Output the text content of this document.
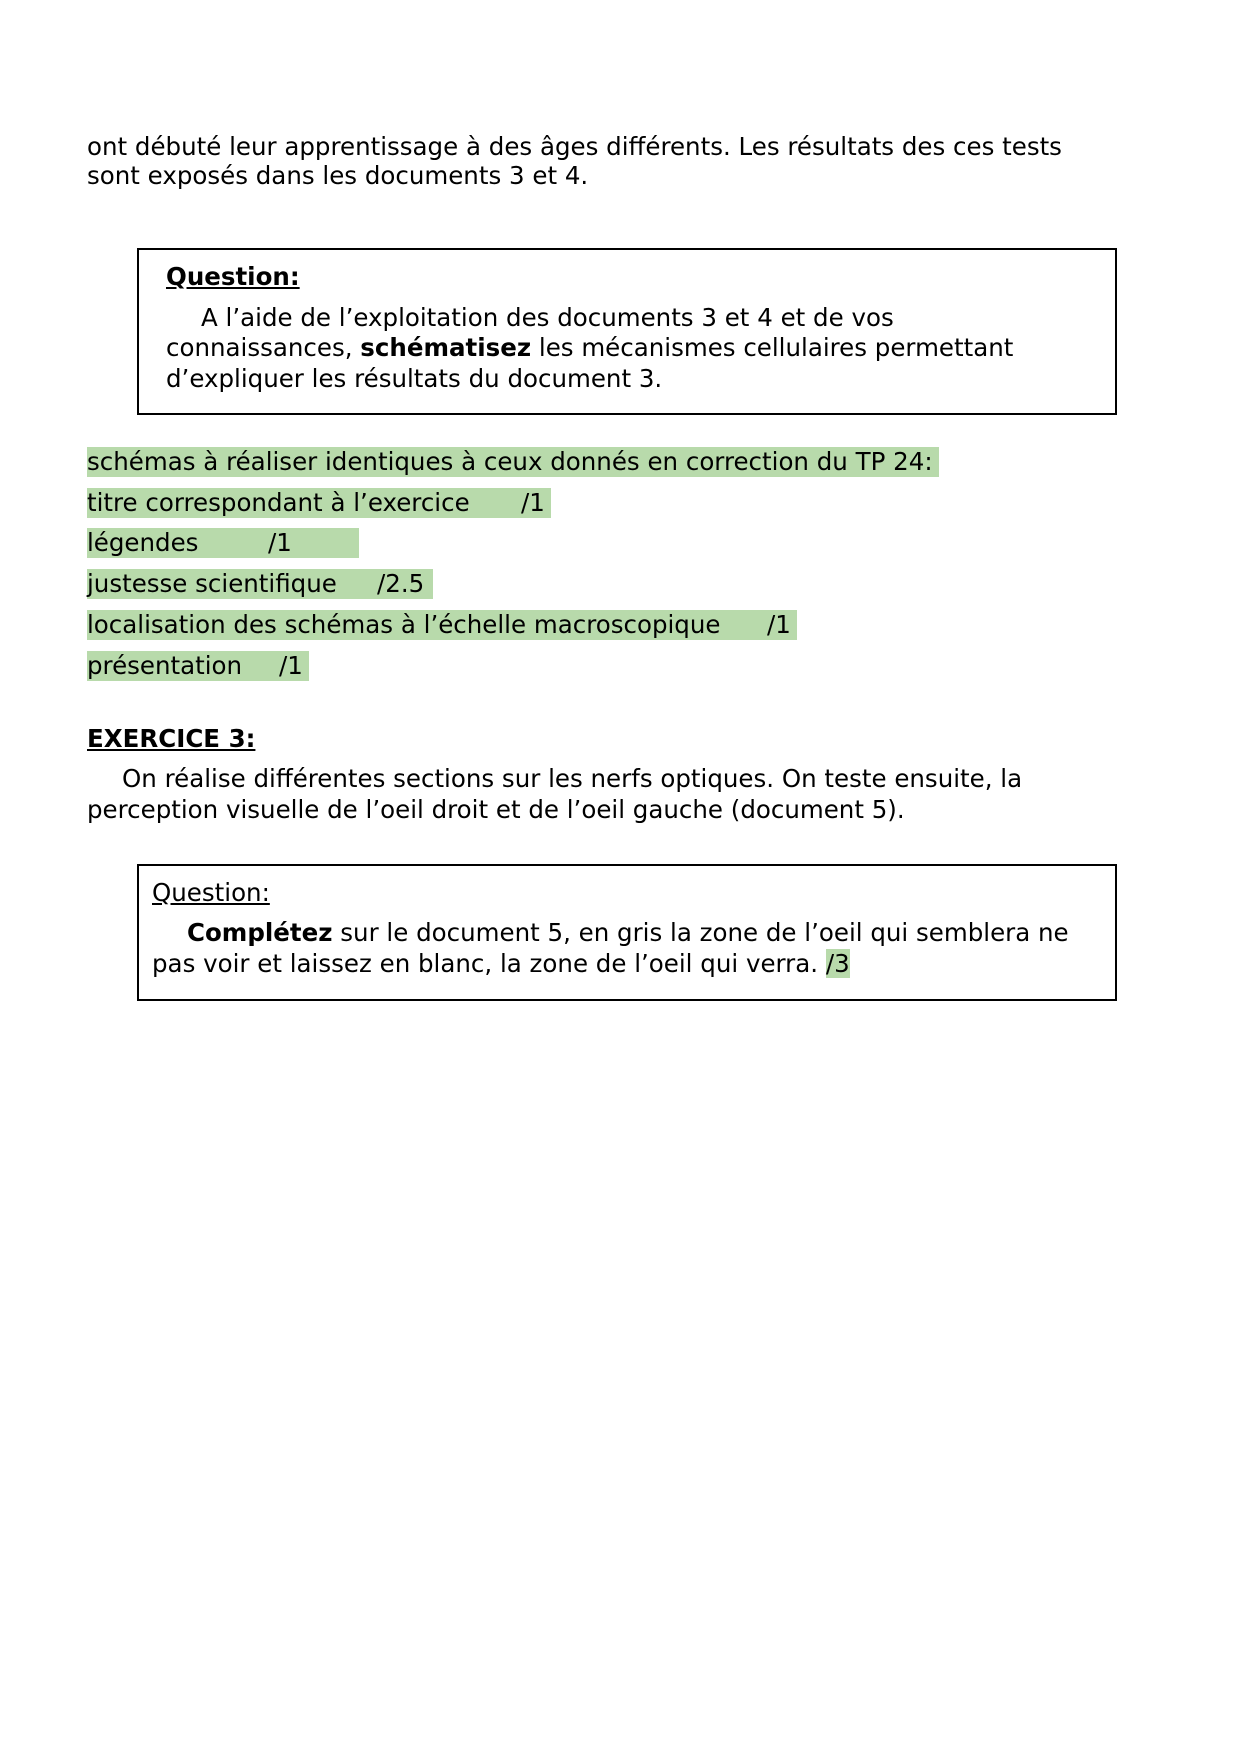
ont débuté leur apprentissage à des âges différents. Les résultats des ces tests
sont exposés dans les documents 3 et 4.
Question:
A l’aide de l’exploitation des documents 3 et 4 et de vos
connaissances, schématisez les mécanismes cellulaires permettant
d’expliquer les résultats du document 3.
schémas à réaliser identiques à ceux donnés en correction du TP 24:
titre correspondant à l’exercice /1
légendes	/1
justesse scientifique /2.5
localisation des schémas à l’échelle macroscopique /1
présentation /1
EXERCICE 3:
On réalise différentes sections sur les nerfs optiques. On teste ensuite, la
perception visuelle de l’oeil droit et de l’oeil gauche (document 5).
Question:
Complétez sur le document 5, en gris la zone de l’oeil qui semblera ne
pas voir et laissez en blanc, la zone de l’oeil qui verra. /3
